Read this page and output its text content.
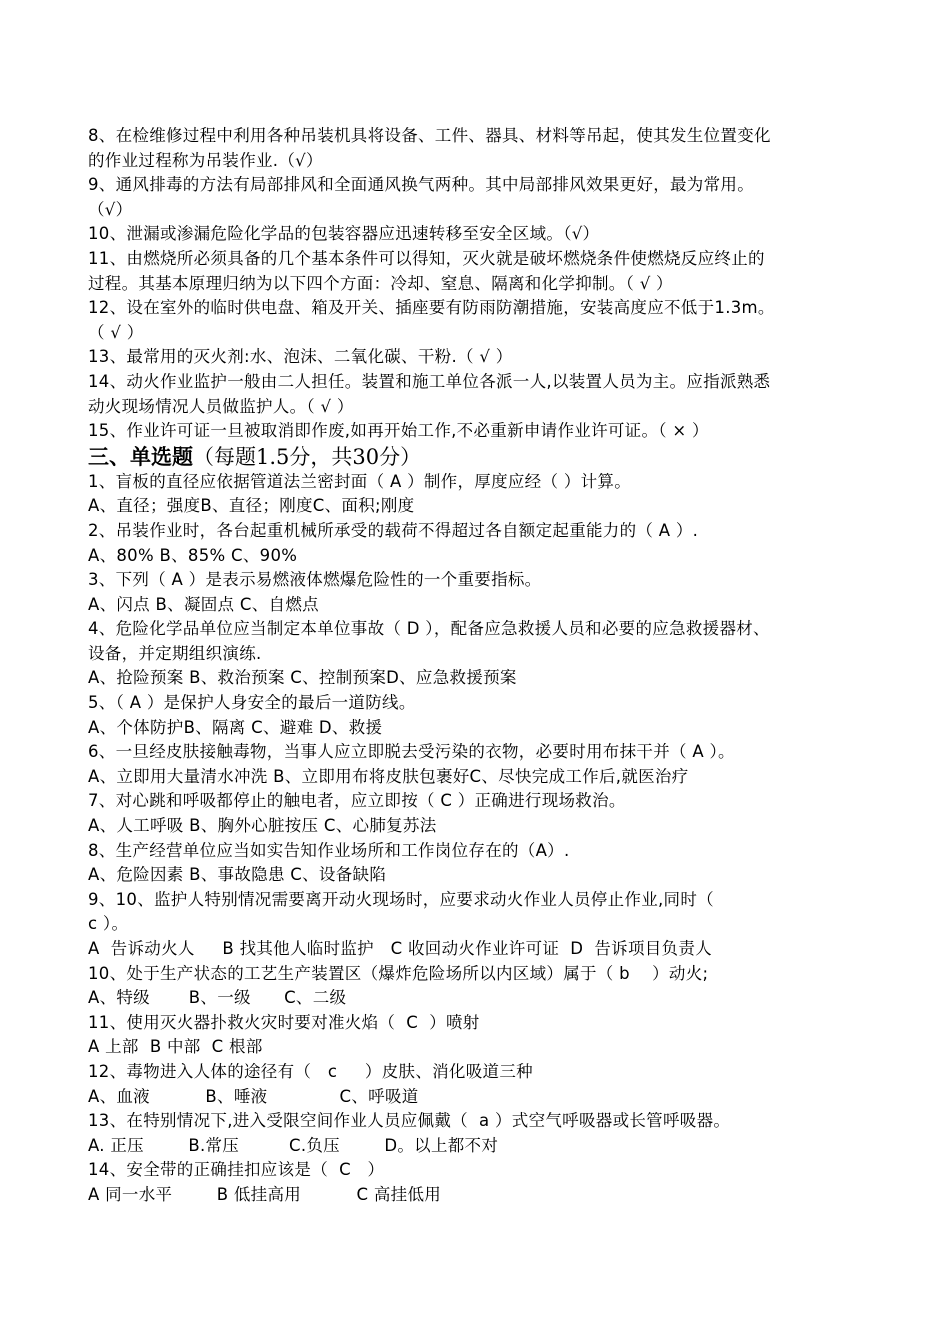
8、在检维修过程中利用各种吊装机具将设备、工件、器具、材料等吊起，使其发生位置变化
的作业过程称为吊装作业.（√）
9、通风排毒的方法有局部排风和全面通风换气两种。其中局部排风效果更好，最为常用。
（√）
10、泄漏或渗漏危险化学品的包装容器应迅速转移至安全区域。（√）
11、由燃烧所必须具备的几个基本条件可以得知，灭火就是破坏燃烧条件使燃烧反应终止的
过程。其基本原理归纳为以下四个方面：冷却、窒息、隔离和化学抑制。（ √ ）
12、设在室外的临时供电盘、箱及开关、插座要有防雨防潮措施，安装高度应不低于1.3m。
（ √ ）
13、最常用的灭火剂:水、泡沫、二氧化碳、干粉.（ √ ）
14、动火作业监护一般由二人担任。装置和施工单位各派一人,以装置人员为主。应指派熟悉
动火现场情况人员做监护人。（ √ ）
15、作业许可证一旦被取消即作废,如再开始工作,不必重新申请作业许可证。（ × ）
三、单选题（每题1.5分，共30分）
1、盲板的直径应依据管道法兰密封面（ A ）制作，厚度应经（ ）计算。
A、直径；强度B、直径；刚度C、面积;刚度
2、吊装作业时，各台起重机械所承受的载荷不得超过各自额定起重能力的（ A ）.
A、80% B、85% C、90%
3、下列（ A ）是表示易燃液体燃爆危险性的一个重要指标。
A、闪点 B、凝固点 C、自燃点
4、危险化学品单位应当制定本单位事故（ D ），配备应急救援人员和必要的应急救援器材、
设备，并定期组织演练.
A、抢险预案 B、救治预案 C、控制预案D、应急救援预案
5、（ A ）是保护人身安全的最后一道防线。
A、个体防护B、隔离 C、避难 D、救援
6、一旦经皮肤接触毒物，当事人应立即脱去受污染的衣物，必要时用布抹干并（ A ）。
A、立即用大量清水冲洗 B、立即用布将皮肤包裹好C、尽快完成工作后,就医治疗
7、对心跳和呼吸都停止的触电者，应立即按（ C ）正确进行现场救治。
A、人工呼吸 B、胸外心脏按压 C、心肺复苏法
8、生产经营单位应当如实告知作业场所和工作岗位存在的（A）.
A、危险因素 B、事故隐患 C、设备缺陷
9、10、监护人特别情况需要离开动火现场时，应要求动火作业人员停止作业,同时（
c ）。
A  告诉动火人     B 找其他人临时监护   C 收回动火作业许可证  D  告诉项目负责人
10、处于生产状态的工艺生产装置区（爆炸危险场所以内区域）属于（ b    ）动火;
A、特级       B、一级      C、二级
11、使用灭火器扑救火灾时要对准火焰（  C  ）喷射
A 上部  B 中部  C 根部
12、毒物进入人体的途径有（   c     ）皮肤、消化吸道三种
A、血液          B、唾液             C、呼吸道
13、在特别情况下,进入受限空间作业人员应佩戴（  a ）式空气呼吸器或长管呼吸器。
A. 正压        B.常压         C.负压        D。以上都不对
14、安全带的正确挂扣应该是（  C   ）
A 同一水平        B 低挂高用          C 高挂低用
